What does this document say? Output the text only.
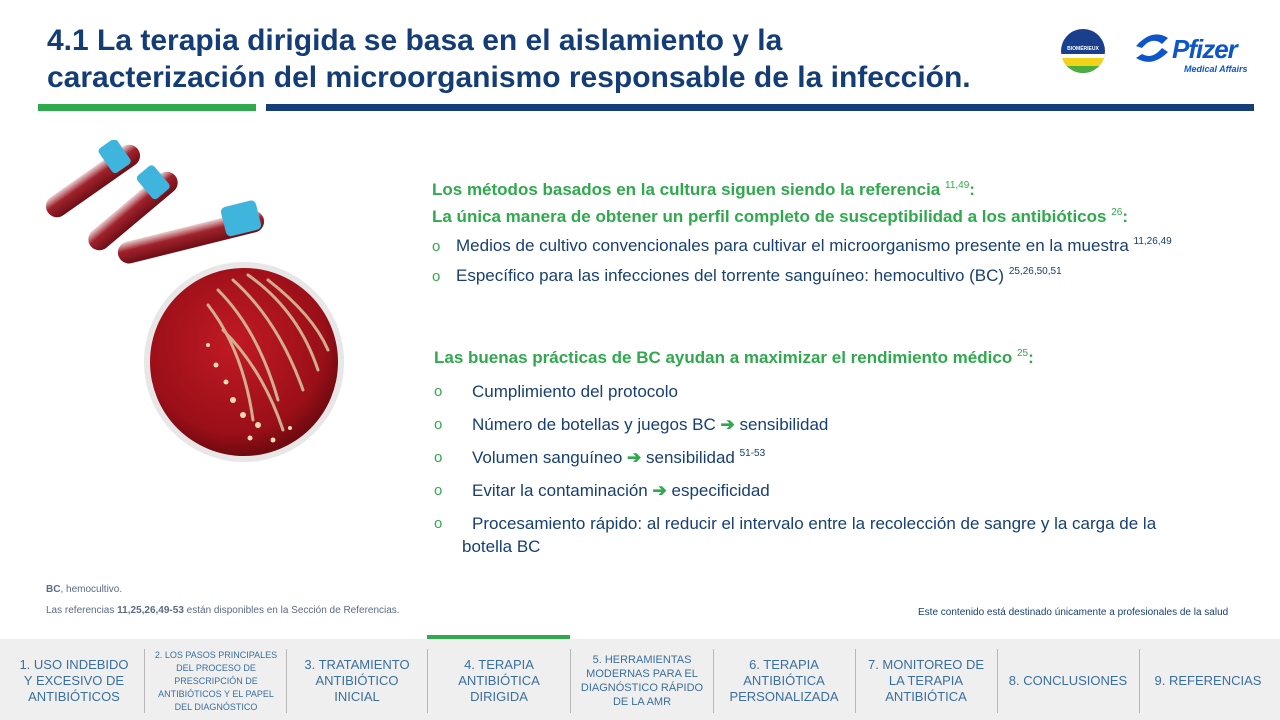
4.1 La terapia dirigida se basa en el aislamiento y la
caracterización del microorganismo responsable de la infección.
BIOMÉRIEUX	Pfizer
Medical Affairs
Los métodos basados en la cultura siguen siendo la referencia $^{11,49}$:
La única manera de obtener un perfil completo de susceptibilidad a los antibióticos $^{26}$:
o Medios de cultivo convencionales para cultivar el microorganismo presente en la muestra $^{11,26,49}$
o Específico para las infecciones del torrente sanguíneo: hemocultivo (BC) $^{25,26,50,51}$
Las buenas prácticas de BC ayudan a maximizar el rendimiento médico $^{25}$:
o Cumplimiento del protocolo
o Número de botellas y juegos BC ➔ sensibilidad
o Volumen sanguíneo ➔ sensibilidad $^{51-53}$
o Evitar la contaminación ➔ especificidad
o Procesamiento rápido: al reducir el intervalo entre la recolección de sangre y la carga de la
botella BC
BC, hemocultivo.
Las referencias 11,25,26,49-53 están disponibles en la Sección de Referencias.	Este contenido está destinado únicamente a profesionales de la salud
1. USO INDEBIDO
Y EXCESIVO DE
ANTIBIÓTICOS
2. LOS PASOS PRINCIPALES
DEL PROCESO DE
PRESCRIPCIÓN DE
ANTIBIÓTICOS Y EL PAPEL
DEL DIAGNÓSTICO
3. TRATAMIENTO
ANTIBIÓTICO
INICIAL
4. TERAPIA
ANTIBIÓTICA
DIRIGIDA
5. HERRAMIENTAS
MODERNAS PARA EL
DIAGNÓSTICO RÁPIDO
DE LA AMR
6. TERAPIA
ANTIBIÓTICA
PERSONALIZADA
7. MONITOREO DE
LA TERAPIA
ANTIBIÓTICA
8. CONCLUSIONES 9. REFERENCIAS
